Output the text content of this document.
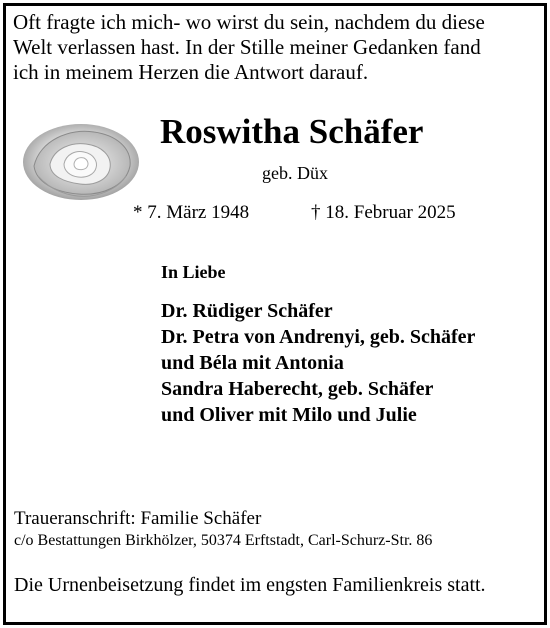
Oft fragte ich mich- wo wirst du sein, nachdem du diese
Welt verlassen hast. In der Stille meiner Gedanken fand
ich in meinem Herzen die Antwort darauf.
Roswitha Schäfer
geb. Düx
* 7. März 1948	† 18. Februar 2025
In Liebe
Dr. Rüdiger Schäfer
Dr. Petra von Andrenyi, geb. Schäfer
und Béla mit Antonia
Sandra Haberecht, geb. Schäfer
und Oliver mit Milo und Julie
Traueranschrift: Familie Schäfer
c/o Bestattungen Birkhölzer, 50374 Erftstadt, Carl-Schurz-Str. 86
Die Urnenbeisetzung findet im engsten Familienkreis statt.
